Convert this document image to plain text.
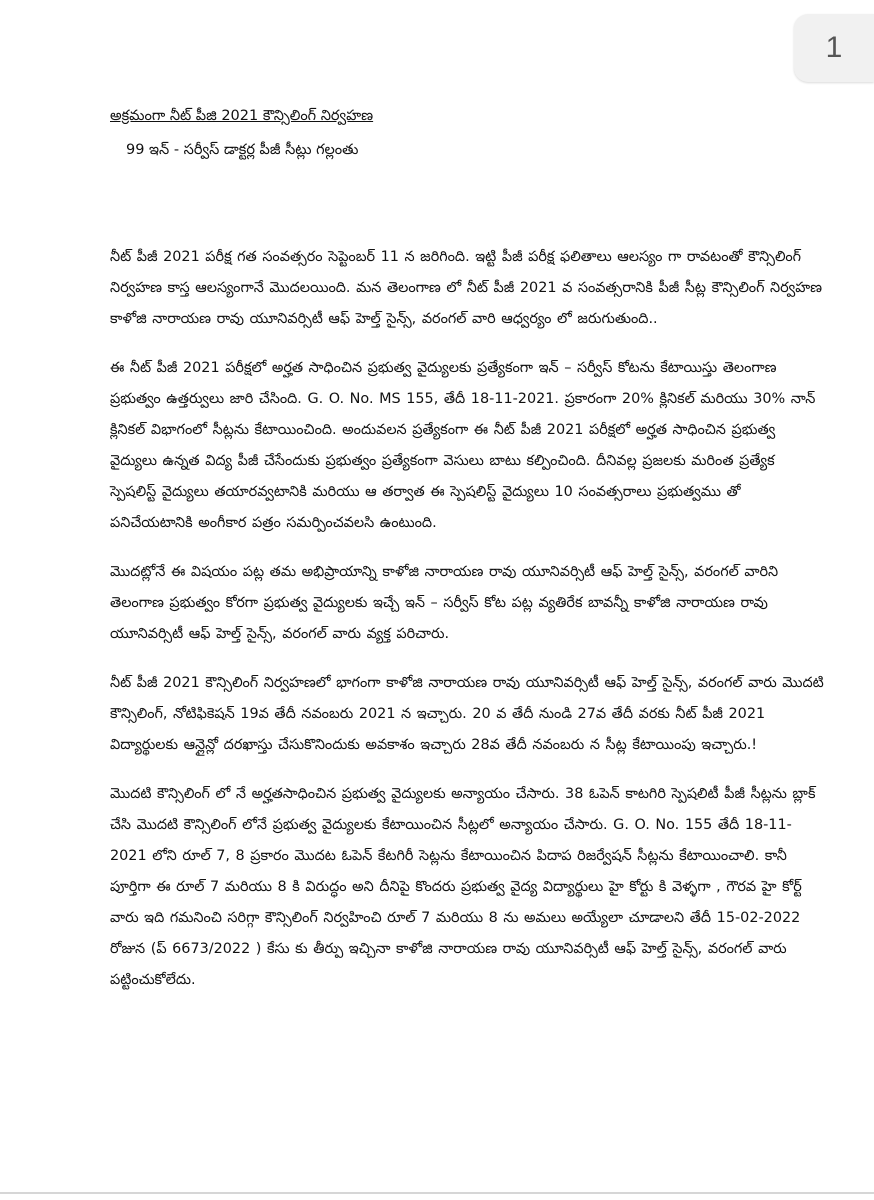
1
అక్రమంగా నీట్ పీజి 2021 కౌన్సిలింగ్ నిర్వహణ
99 ఇన్ - సర్వీస్ డాక్టర్ల పీజీ సీట్లు గల్లంతు

నీట్ పీజీ 2021 పరీక్ష గత సంవత్సరం సెప్టెంబర్ 11 న జరిగింది. ఇట్టి పీజీ పరీక్ష ఫలితాలు ఆలస్యం గా రావటంతో కౌన్సిలింగ్ నిర్వహణ కాస్త ఆలస్యంగానే మొదలయింది. మన తెలంగాణ లో నీట్ పీజీ 2021 వ సంవత్సరానికి పీజీ సీట్ల కౌన్సిలింగ్ నిర్వహణ కాళోజి నారాయణ రావు యూనివర్సిటీ ఆఫ్ హెల్త్ సైన్స్, వరంగల్ వారి ఆధ్వర్యం లో జరుగుతుంది..

ఈ నీట్ పీజీ 2021 పరీక్షలో అర్హత సాధించిన ప్రభుత్వ వైద్యులకు ప్రత్యేకంగా ఇన్ – సర్వీస్ కోటను కేటాయిస్తు తెలంగాణ ప్రభుత్వం ఉత్తర్వులు జారి చేసింది. G. O. No. MS 155, తేదీ 18-11-2021. ప్రకారంగా 20% క్లినికల్ మరియు 30% నాన్ క్లినికల్ విభాగంలో సీట్లను కేటాయించింది. అందువలన ప్రత్యేకంగా ఈ నీట్ పీజీ 2021 పరీక్షలో అర్హత సాధించిన ప్రభుత్వ వైద్యులు ఉన్నత విద్య పీజీ చేసేందుకు ప్రభుత్వం ప్రత్యేకంగా వెసులు బాటు కల్పించింది. దీనివల్ల ప్రజలకు మరింత ప్రత్యేక స్పెషలిస్ట్ వైద్యులు తయారవ్వటానికి మరియు ఆ తర్వాత ఈ స్పెషలిస్ట్ వైద్యులు 10 సంవత్సరాలు ప్రభుత్వము తో పనిచేయటానికి అంగీకార పత్రం సమర్పించవలసి ఉంటుంది.

మొదట్లోనే ఈ విషయం పట్ల తమ అభిప్రాయాన్ని కాళోజి నారాయణ రావు యూనివర్సిటీ ఆఫ్ హెల్త్ సైన్స్, వరంగల్ వారిని తెలంగాణ ప్రభుత్వం కోరగా ప్రభుత్వ వైద్యులకు ఇచ్చే ఇన్ – సర్వీస్ కోట పట్ల వ్యతిరేక బావన్నీ కాళోజి నారాయణ రావు యూనివర్సిటీ ఆఫ్ హెల్త్ సైన్స్, వరంగల్ వారు వ్యక్త పరిచారు.

నీట్ పీజీ 2021 కౌన్సిలింగ్ నిర్వహణలో భాగంగా కాళోజి నారాయణ రావు యూనివర్సిటీ ఆఫ్ హెల్త్ సైన్స్, వరంగల్ వారు మొదటి కౌన్సిలింగ్, నోటిఫికెషన్ 19వ తేదీ నవంబరు 2021 న ఇచ్చారు. 20 వ తేదీ నుండి 27వ తేదీ వరకు నీట్ పీజీ 2021 విద్యార్థులకు ఆన్లైన్లో దరఖాస్తు చేసుకొనిందుకు అవకాశం ఇచ్చారు 28వ తేదీ నవంబరు న సీట్ల కేటాయింపు ఇచ్చారు.!

మొదటి కౌన్సిలింగ్ లో నే అర్హతసాధించిన ప్రభుత్వ వైద్యులకు అన్యాయం చేసారు. 38 ఓపెన్ కాటగిరి స్పెషలిటీ పీజీ సీట్లను బ్లాక్ చేసి మొదటి కౌన్సిలింగ్ లోనే ప్రభుత్వ వైద్యులకు కేటాయించిన సీట్లలో అన్యాయం చేసారు. G. O. No. 155 తేదీ 18-11-2021 లోని రూల్ 7, 8 ప్రకారం మొదట ఓపెన్ కేటగిరీ సెట్లను కేటాయించిన పిదాప రిజర్వేషన్ సీట్లను కేటాయించాలి. కానీ పూర్తిగా ఈ రూల్ 7 మరియు 8 కి విరుద్ధం అని దీనిపై కొందరు ప్రభుత్వ వైద్య విద్యార్థులు హై కోర్టు కి వెళ్ళగా , గౌరవ హై కోర్ట్ వారు ఇది గమనించి సరిగ్గా కౌన్సిలింగ్ నిర్వహించి రూల్ 7 మరియు 8 ను అమలు అయ్యేలా చూడాలని తేదీ 15-02-2022 రోజున (ప్ 6673/2022 ) కేసు కు తీర్పు ఇచ్చినా కాళోజి నారాయణ రావు యూనివర్సిటీ ఆఫ్ హెల్త్ సైన్స్, వరంగల్ వారు పట్టించుకోలేదు.
